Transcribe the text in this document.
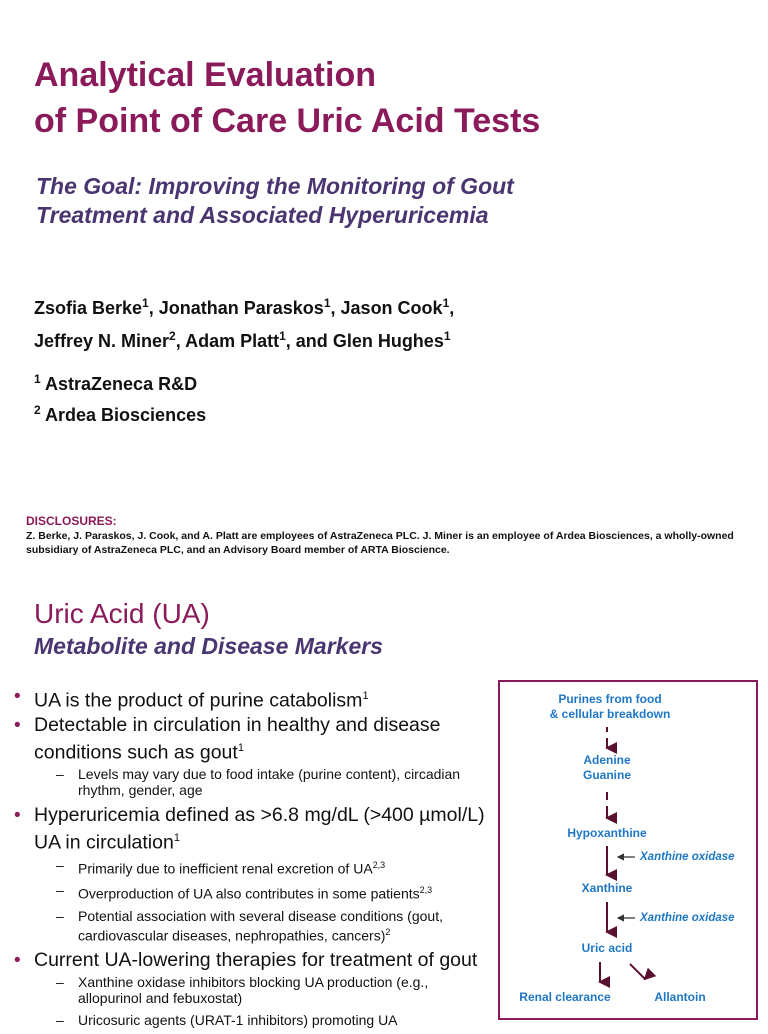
Analytical Evaluation
of Point of Care Uric Acid Tests
The Goal: Improving the Monitoring of Gout
Treatment and Associated Hyperuricemia
Zsofia Berke$^1$, Jonathan Paraskos$^1$, Jason Cook$^1$,
Jeffrey N. Miner$^2$, Adam Platt$^1$, and Glen Hughes$^1$
$^1$ AstraZeneca R&D
$^2$ Ardea Biosciences
DISCLOSURES:
Z. Berke, J. Paraskos, J. Cook, and A. Platt are employees of AstraZeneca PLC. J. Miner is an employee of Ardea Biosciences, a wholly-owned subsidiary of AstraZeneca PLC, and an Advisory Board member of ARTA Bioscience.
Uric Acid (UA)
Metabolite and Disease Markers
• UA is the product of purine catabolism$^1$
• Detectable in circulation in healthy and disease conditions such as gout$^1$
– Levels may vary due to food intake (purine content), circadian rhythm, gender, age
• Hyperuricemia defined as >6.8 mg/dL (>400 µmol/L) UA in circulation$^1$
– Primarily due to inefficient renal excretion of UA$^{2,3}$
– Overproduction of UA also contributes in some patients$^{2,3}$
– Potential association with several disease conditions (gout, cardiovascular diseases, nephropathies, cancers)$^2$
• Current UA-lowering therapies for treatment of gout
– Xanthine oxidase inhibitors blocking UA production (e.g., allopurinol and febuxostat)
– Uricosuric agents (URAT-1 inhibitors) promoting UA
Purines from food
& cellular breakdown
Adenine
Guanine
Hypoxanthine
Xanthine oxidase
Xanthine
Xanthine oxidase
Uric acid
Renal clearance	Allantoin
